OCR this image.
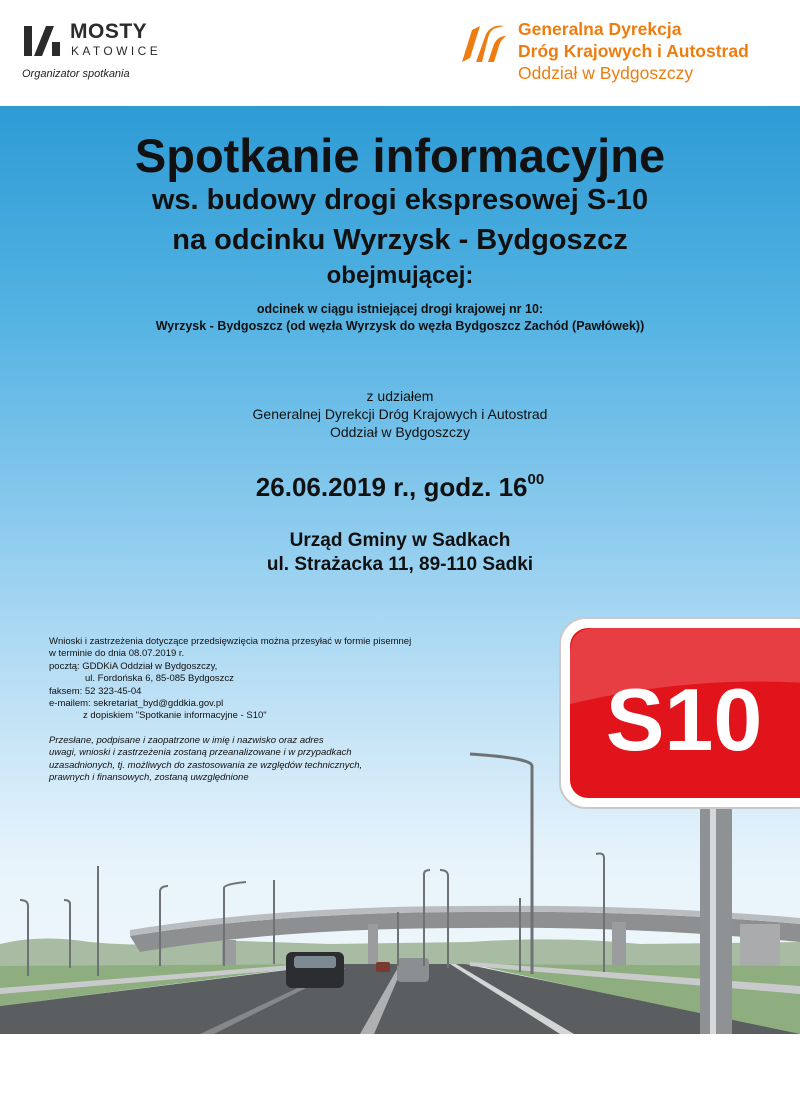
MOSTY
KATOWICE
Organizator spotkania
Generalna Dyrekcja
Dróg Krajowych i Autostrad
Oddział w Bydgoszczy
Spotkanie informacyjne
ws. budowy drogi ekspresowej S-10
na odcinku Wyrzysk - Bydgoszcz
obejmującej:
odcinek w ciągu istniejącej drogi krajowej nr 10:
Wyrzysk - Bydgoszcz (od węzła Wyrzysk do węzła Bydgoszcz Zachód (Pawłówek))
z udziałem
Generalnej Dyrekcji Dróg Krajowych i Autostrad
Oddział w Bydgoszczy
26.06.2019 r., godz. $16^{00}$
Urząd Gminy w Sadkach
ul. Strażacka 11, 89-110 Sadki
Wnioski i zastrzeżenia dotyczące przedsięwzięcia można przesyłać w formie pisemnej
w terminie do dnia 08.07.2019 r.
pocztą: GDDKiA Oddział w Bydgoszczy,
ul. Fordońska 6, 85-085 Bydgoszcz
faksem: 52 323-45-04
e-mailem: sekretariat_byd@gddkia.gov.pl
z dopiskiem "Spotkanie informacyjne - S10"
Przesłane, podpisane i zaopatrzone w imię i nazwisko oraz adres
uwagi, wnioski i zastrzeżenia zostaną przeanalizowane i w przypadkach
uzasadnionych, tj. możliwych do zastosowania ze względów technicznych,
prawnych i finansowych, zostaną uwzględnione
S10
